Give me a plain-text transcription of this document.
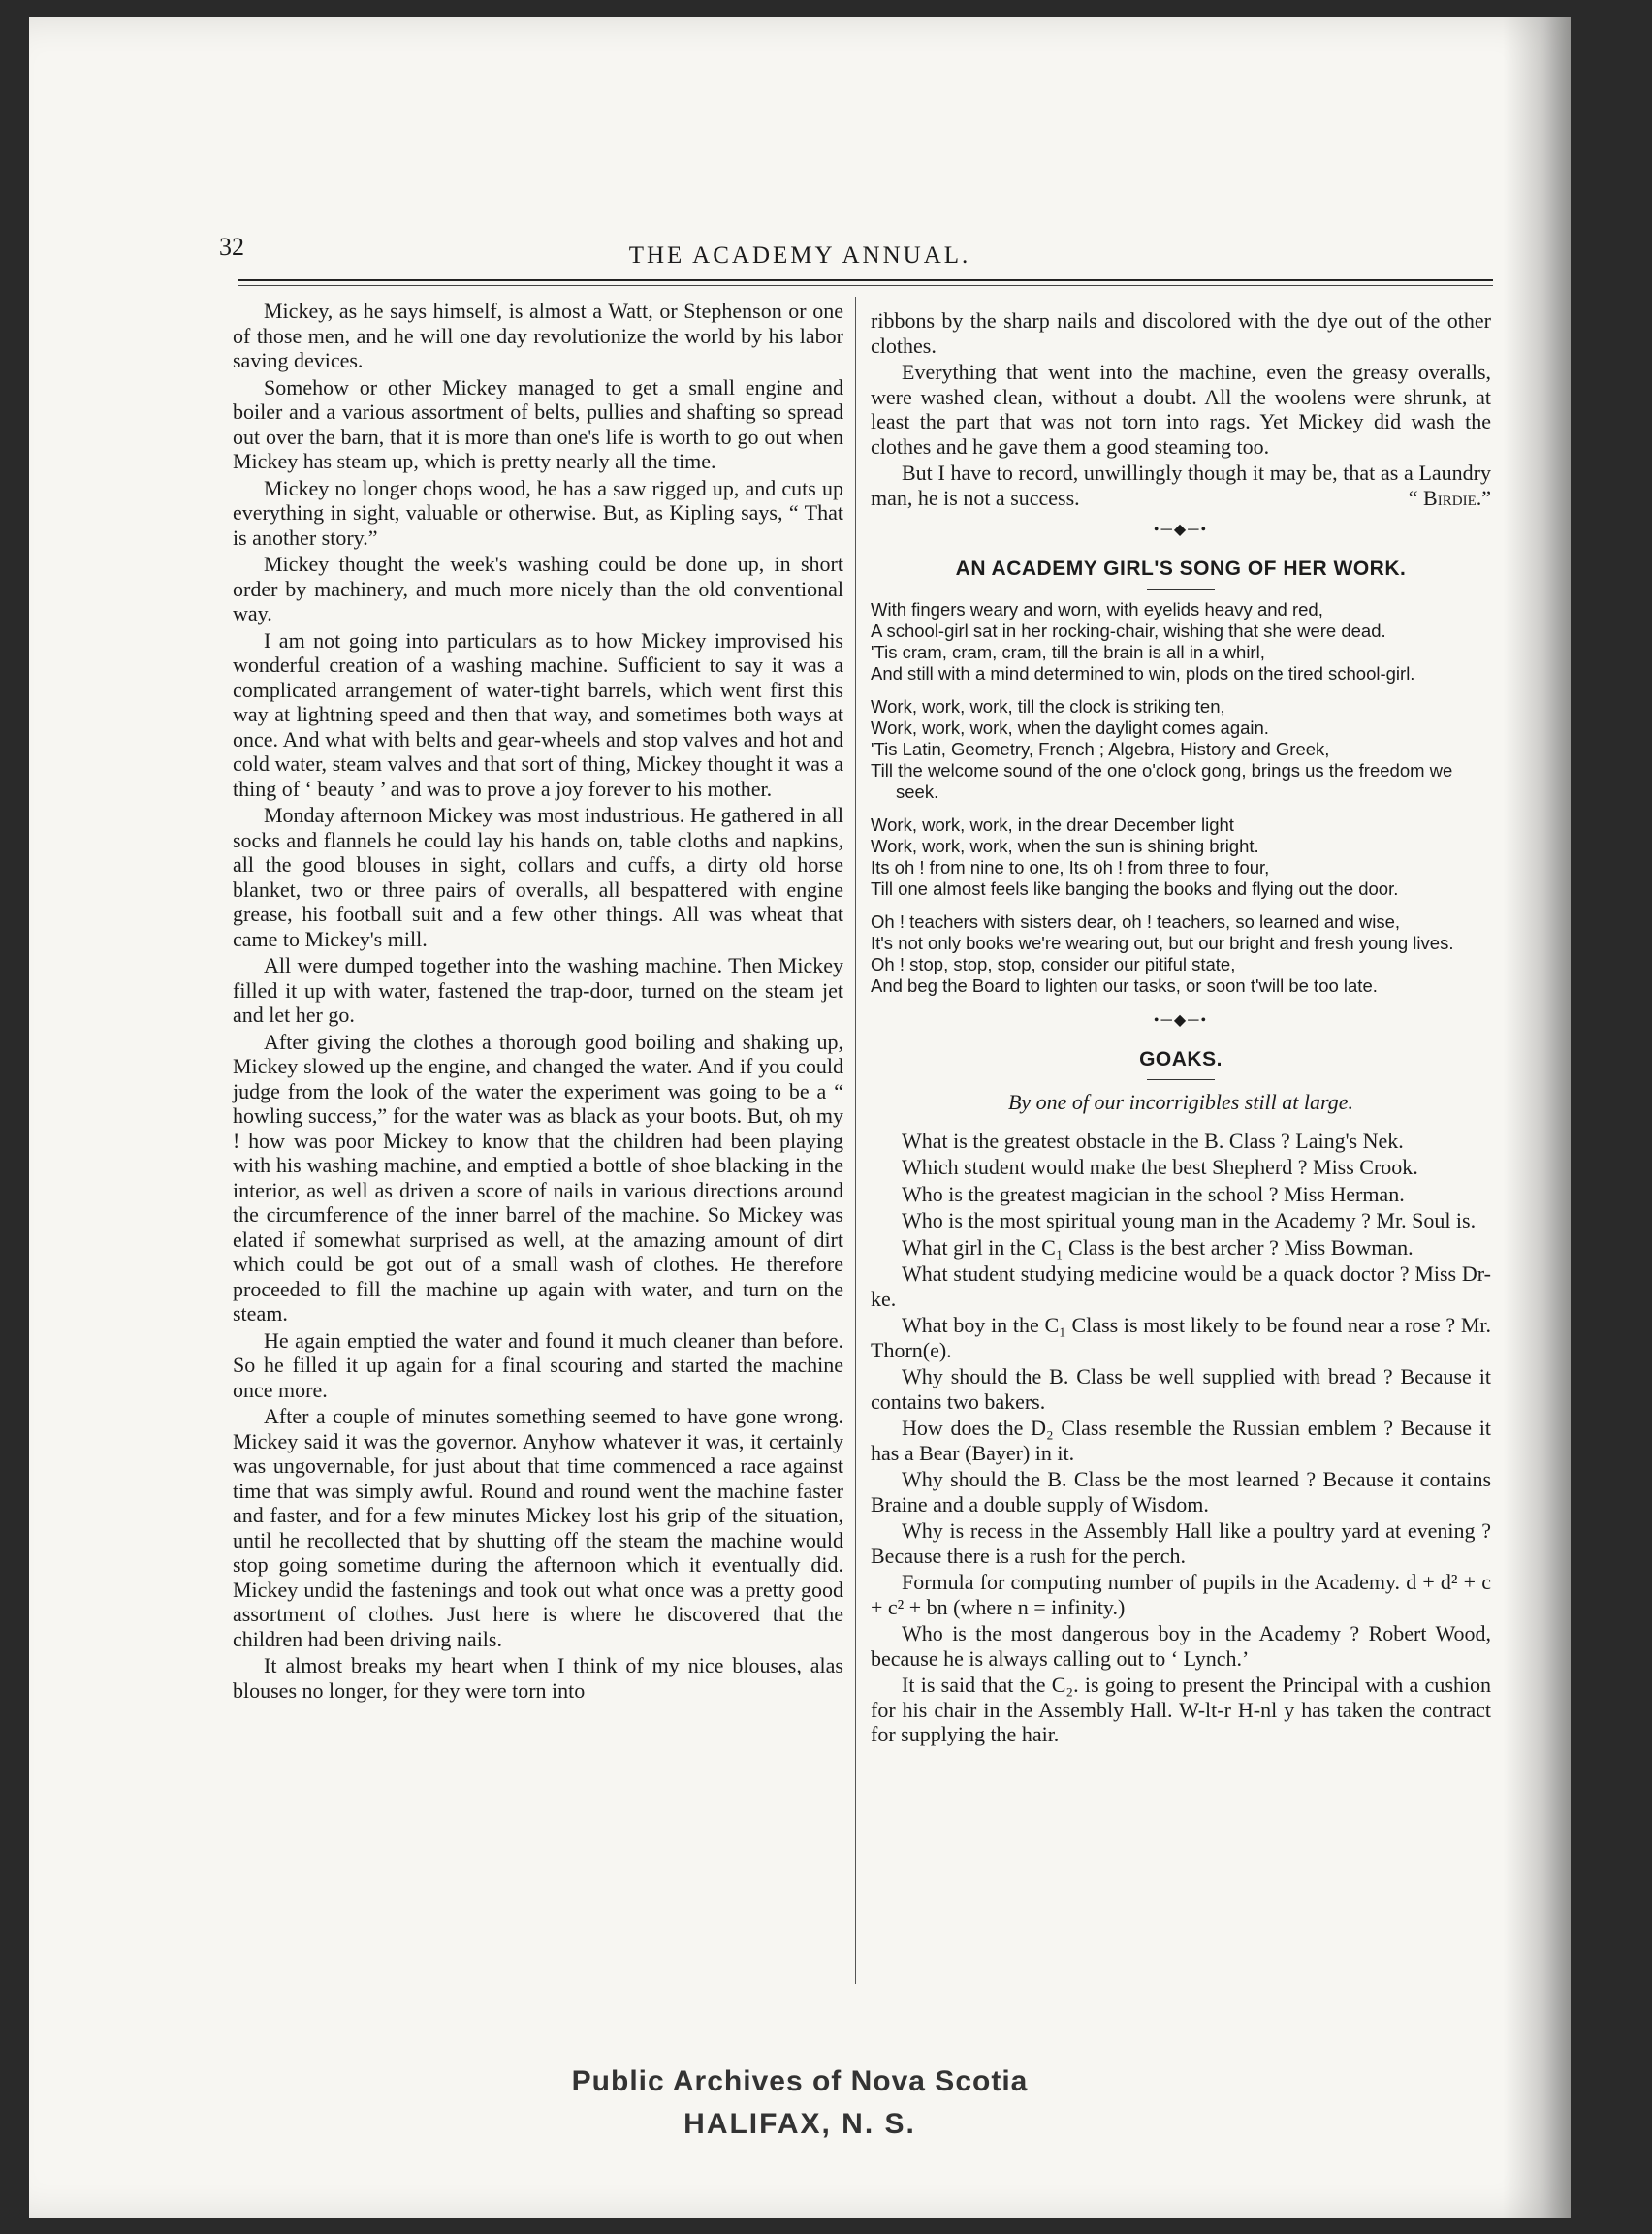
32	THE ACADEMY ANNUAL.

Mickey, as he says himself, is almost a Watt, or Stephenson or one of those men, and he will one day revolutionize the world by his labor saving devices.

Somehow or other Mickey managed to get a small engine and boiler and a various assortment of belts, pullies and shafting so spread out over the barn, that it is more than one's life is worth to go out when Mickey has steam up, which is pretty nearly all the time.

Mickey no longer chops wood, he has a saw rigged up, and cuts up everything in sight, valuable or otherwise. But, as Kipling says, “ That is another story.”

Mickey thought the week's washing could be done up, in short order by machinery, and much more nicely than the old conventional way.

I am not going into particulars as to how Mickey improvised his wonderful creation of a washing machine. Sufficient to say it was a complicated arrangement of water-tight barrels, which went first this way at lightning speed and then that way, and sometimes both ways at once. And what with belts and gear-wheels and stop valves and hot and cold water, steam valves and that sort of thing, Mickey thought it was a thing of ‘ beauty ’ and was to prove a joy forever to his mother.

Monday afternoon Mickey was most industrious. He gathered in all socks and flannels he could lay his hands on, table cloths and napkins, all the good blouses in sight, collars and cuffs, a dirty old horse blanket, two or three pairs of overalls, all bespattered with engine grease, his football suit and a few other things. All was wheat that came to Mickey's mill.

All were dumped together into the washing machine. Then Mickey filled it up with water, fastened the trap-door, turned on the steam jet and let her go.

After giving the clothes a thorough good boiling and shaking up, Mickey slowed up the engine, and changed the water. And if you could judge from the look of the water the experiment was going to be a “ howling success,” for the water was as black as your boots. But, oh my ! how was poor Mickey to know that the children had been playing with his washing machine, and emptied a bottle of shoe blacking in the interior, as well as driven a score of nails in various directions around the circumference of the inner barrel of the machine. So Mickey was elated if somewhat surprised as well, at the amazing amount of dirt which could be got out of a small wash of clothes. He therefore proceeded to fill the machine up again with water, and turn on the steam.

He again emptied the water and found it much cleaner than before. So he filled it up again for a final scouring and started the machine once more.

After a couple of minutes something seemed to have gone wrong. Mickey said it was the governor. Anyhow whatever it was, it certainly was ungovernable, for just about that time commenced a race against time that was simply awful. Round and round went the machine faster and faster, and for a few minutes Mickey lost his grip of the situation, until he recollected that by shutting off the steam the machine would stop going sometime during the afternoon which it eventually did. Mickey undid the fastenings and took out what once was a pretty good assortment of clothes. Just here is where he discovered that the children had been driving nails.

It almost breaks my heart when I think of my nice blouses, alas blouses no longer, for they were torn into

ribbons by the sharp nails and discolored with the dye out of the other clothes.

Everything that went into the machine, even the greasy overalls, were washed clean, without a doubt. All the woolens were shrunk, at least the part that was not torn into rags. Yet Mickey did wash the clothes and he gave them a good steaming too.

But I have to record, unwillingly though it may be, that as a Laundry man, he is not a success.	“ Birdie.”

•─◆─•
AN ACADEMY GIRL'S SONG OF HER WORK.
With fingers weary and worn, with eyelids heavy and red,
A school-girl sat in her rocking-chair, wishing that she were dead.
'Tis cram, cram, cram, till the brain is all in a whirl,
And still with a mind determined to win, plods on the tired school-girl.
Work, work, work, till the clock is striking ten,
Work, work, work, when the daylight comes again.
'Tis Latin, Geometry, French ; Algebra, History and Greek,
Till the welcome sound of the one o'clock gong, brings us the freedom we seek.
Work, work, work, in the drear December light
Work, work, work, when the sun is shining bright.
Its oh ! from nine to one, Its oh ! from three to four,
Till one almost feels like banging the books and flying out the door.
Oh ! teachers with sisters dear, oh ! teachers, so learned and wise,
It's not only books we're wearing out, but our bright and fresh young lives.
Oh ! stop, stop, stop, consider our pitiful state,
And beg the Board to lighten our tasks, or soon t'will be too late.
•─◆─•
GOAKS.
By one of our incorrigibles still at large.

What is the greatest obstacle in the B. Class ? Laing's Nek.

Which student would make the best Shepherd ? Miss Crook.

Who is the greatest magician in the school ? Miss Herman.

Who is the most spiritual young man in the Academy ? Mr. Soul is.

What girl in the C₁ Class is the best archer ? Miss Bowman.

What student studying medicine would be a quack doctor ? Miss Dr-ke.

What boy in the C₁ Class is most likely to be found near a rose ? Mr. Thorn(e).

Why should the B. Class be well supplied with bread ? Because it contains two bakers.

How does the D₂ Class resemble the Russian emblem ? Because it has a Bear (Bayer) in it.

Why should the B. Class be the most learned ? Because it contains Braine and a double supply of Wisdom.

Why is recess in the Assembly Hall like a poultry yard at evening ? Because there is a rush for the perch.

Formula for computing number of pupils in the Academy. d + d² + c + c² + bn (where n = infinity.)

Who is the most dangerous boy in the Academy ? Robert Wood, because he is always calling out to ‘ Lynch.’

It is said that the C₂. is going to present the Principal with a cushion for his chair in the Assembly Hall. W-lt-r H-nl y has taken the contract for supplying the hair.

Public Archives of Nova Scotia
HALIFAX, N. S.
